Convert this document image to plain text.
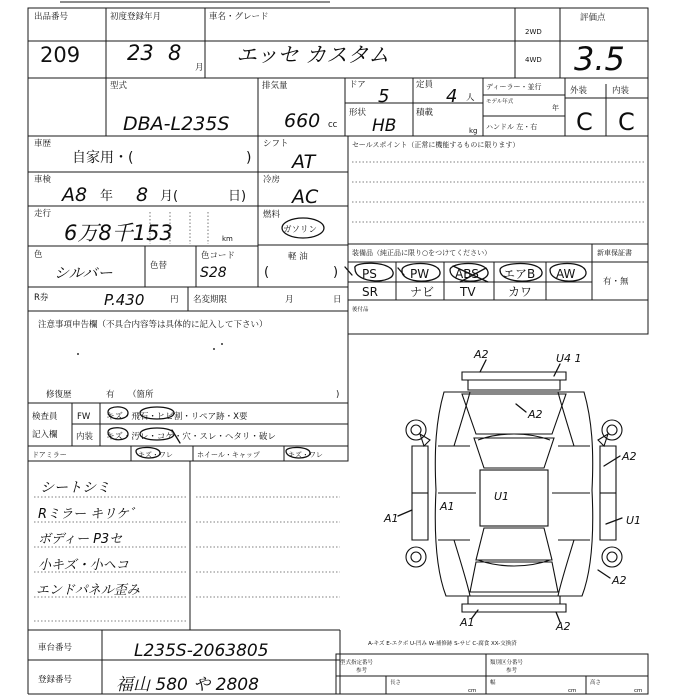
出品番号
209
初度登録年月
23 8
月
車名・グレード
エッセ カスタム
2WD
4WD
評価点
3.5
型式
DBA-L235S
排気量
660 cc
ドア
5
形状
HB
定員
4 人
積載
kg
ディーラー・並行
モデル年式
年
ハンドル 左・右
外装	内装
C C
車歴
自家用・(	)
シフト
AT
車検
A8 年 8 月(	日)
冷房
AC
走行
6万8千153	km
燃料
ガソリン
軽 油
(	)
色
シルバー	色替
色コード
S28
R券	P.430	円 名変期限	月	日
セールスポイント（正常に機能するものに限ります）
装備品（純正品に限り○をつけてください）	新車保証書
有・無
PS	PW ABS エアB AW
SR	ナビ TV	カワ
後付品
注意事項申告欄（不具合内容等は具体的に記入して下さい）
修復歴	有 （箇所	)
検査員
記入欄
FW キズ・飛石・ヒビ割・リペア跡・X要
内装 キズ・汚レ・コゲ・穴・スレ・ヘタリ・破レ
ドアミラー	キズ・ワレ	ホイール・キャップ	キズ・ワレ
シートシミ
Rミラー キリケ゛
ボディー P3セ
小キズ・小ヘコ
エンドパネル歪み
A2	U4 1
A2
U1
A1
A2
A1
U1
A2
A1	A2
車台番号	L235S-2063805
登録番号	福山 580 や 2808
A-キズ E-エクボ U-凹み W-補修跡 S-サビ C-腐食 XX-交換済
型式指定番号
参考
類別区分番号
参考
長さ	幅	高さ
cm	cm	cm
